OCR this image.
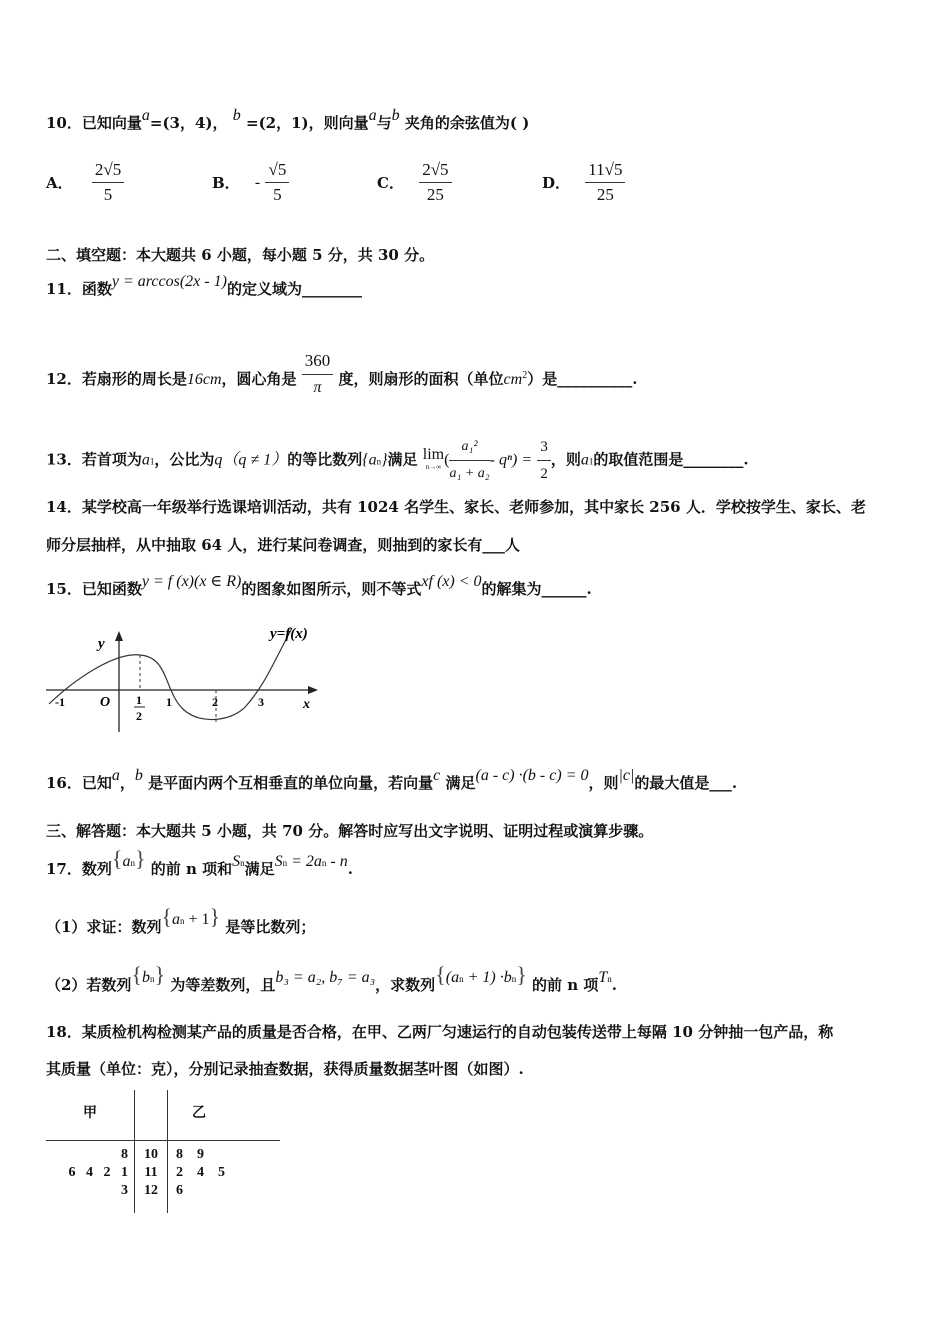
10．已知向量a=(3，4)， b =(2，1)，则向量a与b 夹角的余弦值为( )
A． $\frac{2√5}{5}$	B． - $\frac{√5}{5}$	C． $\frac{2√5}{25}$	D． $\frac{11√5}{25}$
二、填空题：本大题共 6 小题，每小题 5 分，共 30 分。
11．函数y = arccos(2x - 1)的定义域为________
12．若扇形的周长是16cm，圆心角是 $\frac{360}{\pi}$ 度，则扇形的面积（单位$cm^2$）是__________.
13．若首项为a1，公比为q（q ≠ 1）的等比数列{an}满足 lim
n→∞ ( $\frac{\text{a₁²}}{\text{a₁ + a₂}} - q^n) = \frac{3}{2}$ ，则a1的取值范围是________.
14．某学校高一年级举行选课培训活动，共有 1024 名学生、家长、老师参加，其中家长 256 人．学校按学生、家长、老
师分层抽样，从中抽取 64 人，进行某问卷调查，则抽到的家长有___人
15．已知函数y = f (x)(x ∈ R)的图象如图所示，则不等式xf (x) < 0的解集为______.
y=f(x)
y
x
O
-1	1
2
1	2	3
16．已知a，b 是平面内两个互相垂直的单位向量，若向量c 满足(a - c) ·(b - c) = 0，则|c|的最大值是___.
三、解答题：本大题共 5 小题，共 70 分。解答时应写出文字说明、证明过程或演算步骤。
17．数列$\{a^n\}$ 的前 n 项和$S^n$满足$S^n = 2a^n - n$.
（1）求证：数列$\{a^n + 1\}$ 是等比数列；
（2）若数列$\{b^n\}$ 为等差数列，且b₃ = a₂, b₇ = a₃，求数列$\{(a^n + 1) \cdot b^n\}$ 的前 n 项$T^n$.
18．某质检机构检测某产品的质量是否合格，在甲、乙两厂匀速运行的自动包装传送带上每隔 10 分钟抽一包产品，称
其质量（单位：克），分别记录抽查数据，获得质量数据茎叶图（如图）.
甲		乙
8	10	8    9
6   4   2   1	11	2    4    5
3	12	6
